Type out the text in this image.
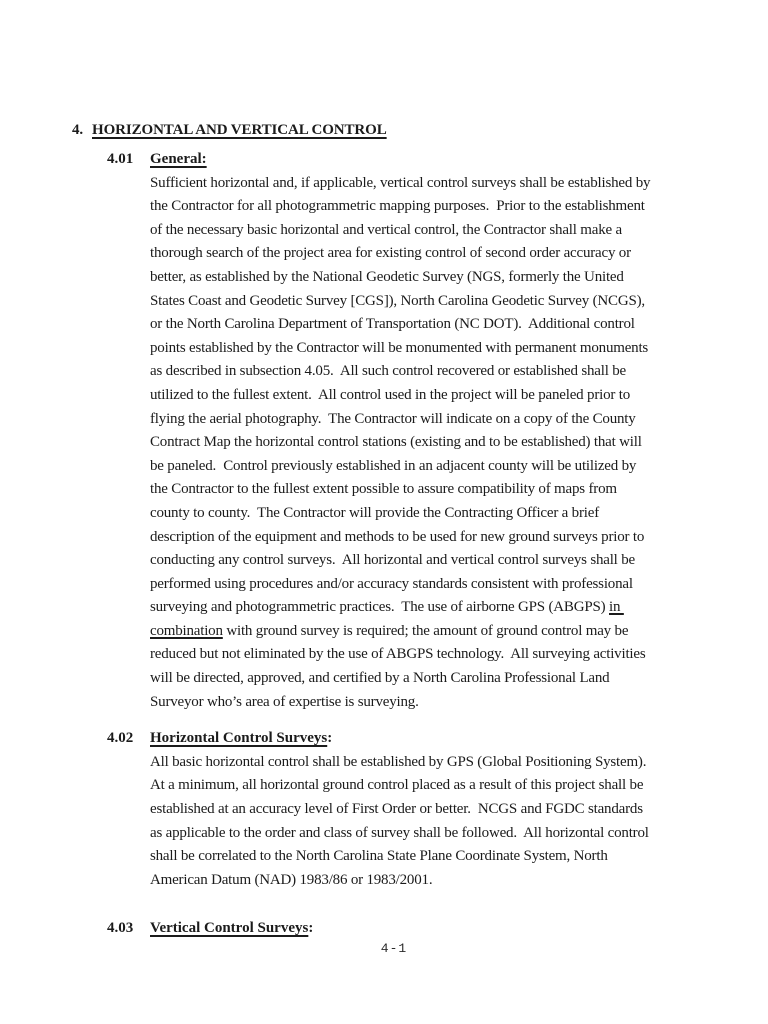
4. HORIZONTAL AND VERTICAL CONTROL
4.01	General:
Sufficient horizontal and, if applicable, vertical control surveys shall be established by
the Contractor for all photogrammetric mapping purposes.  Prior to the establishment
of the necessary basic horizontal and vertical control, the Contractor shall make a
thorough search of the project area for existing control of second order accuracy or
better, as established by the National Geodetic Survey (NGS, formerly the United
States Coast and Geodetic Survey [CGS]), North Carolina Geodetic Survey (NCGS),
or the North Carolina Department of Transportation (NC DOT).  Additional control
points established by the Contractor will be monumented with permanent monuments
as described in subsection 4.05.  All such control recovered or established shall be
utilized to the fullest extent.  All control used in the project will be paneled prior to
flying the aerial photography.  The Contractor will indicate on a copy of the County
Contract Map the horizontal control stations (existing and to be established) that will
be paneled.  Control previously established in an adjacent county will be utilized by
the Contractor to the fullest extent possible to assure compatibility of maps from
county to county.  The Contractor will provide the Contracting Officer a brief
description of the equipment and methods to be used for new ground surveys prior to
conducting any control surveys.  All horizontal and vertical control surveys shall be
performed using procedures and/or accuracy standards consistent with professional
surveying and photogrammetric practices.  The use of airborne GPS (ABGPS) in
combination with ground survey is required; the amount of ground control may be
reduced but not eliminated by the use of ABGPS technology.  All surveying activities
will be directed, approved, and certified by a North Carolina Professional Land
Surveyor who’s area of expertise is surveying.
4.02	Horizontal Control Surveys :
All basic horizontal control shall be established by GPS (Global Positioning System).
At a minimum, all horizontal ground control placed as a result of this project shall be
established at an accuracy level of First Order or better.  NCGS and FGDC standards
as applicable to the order and class of survey shall be followed.  All horizontal control
shall be correlated to the North Carolina State Plane Coordinate System, North
American Datum (NAD) 1983/86 or 1983/2001.
4.03	Vertical Control Surveys :
4-1
